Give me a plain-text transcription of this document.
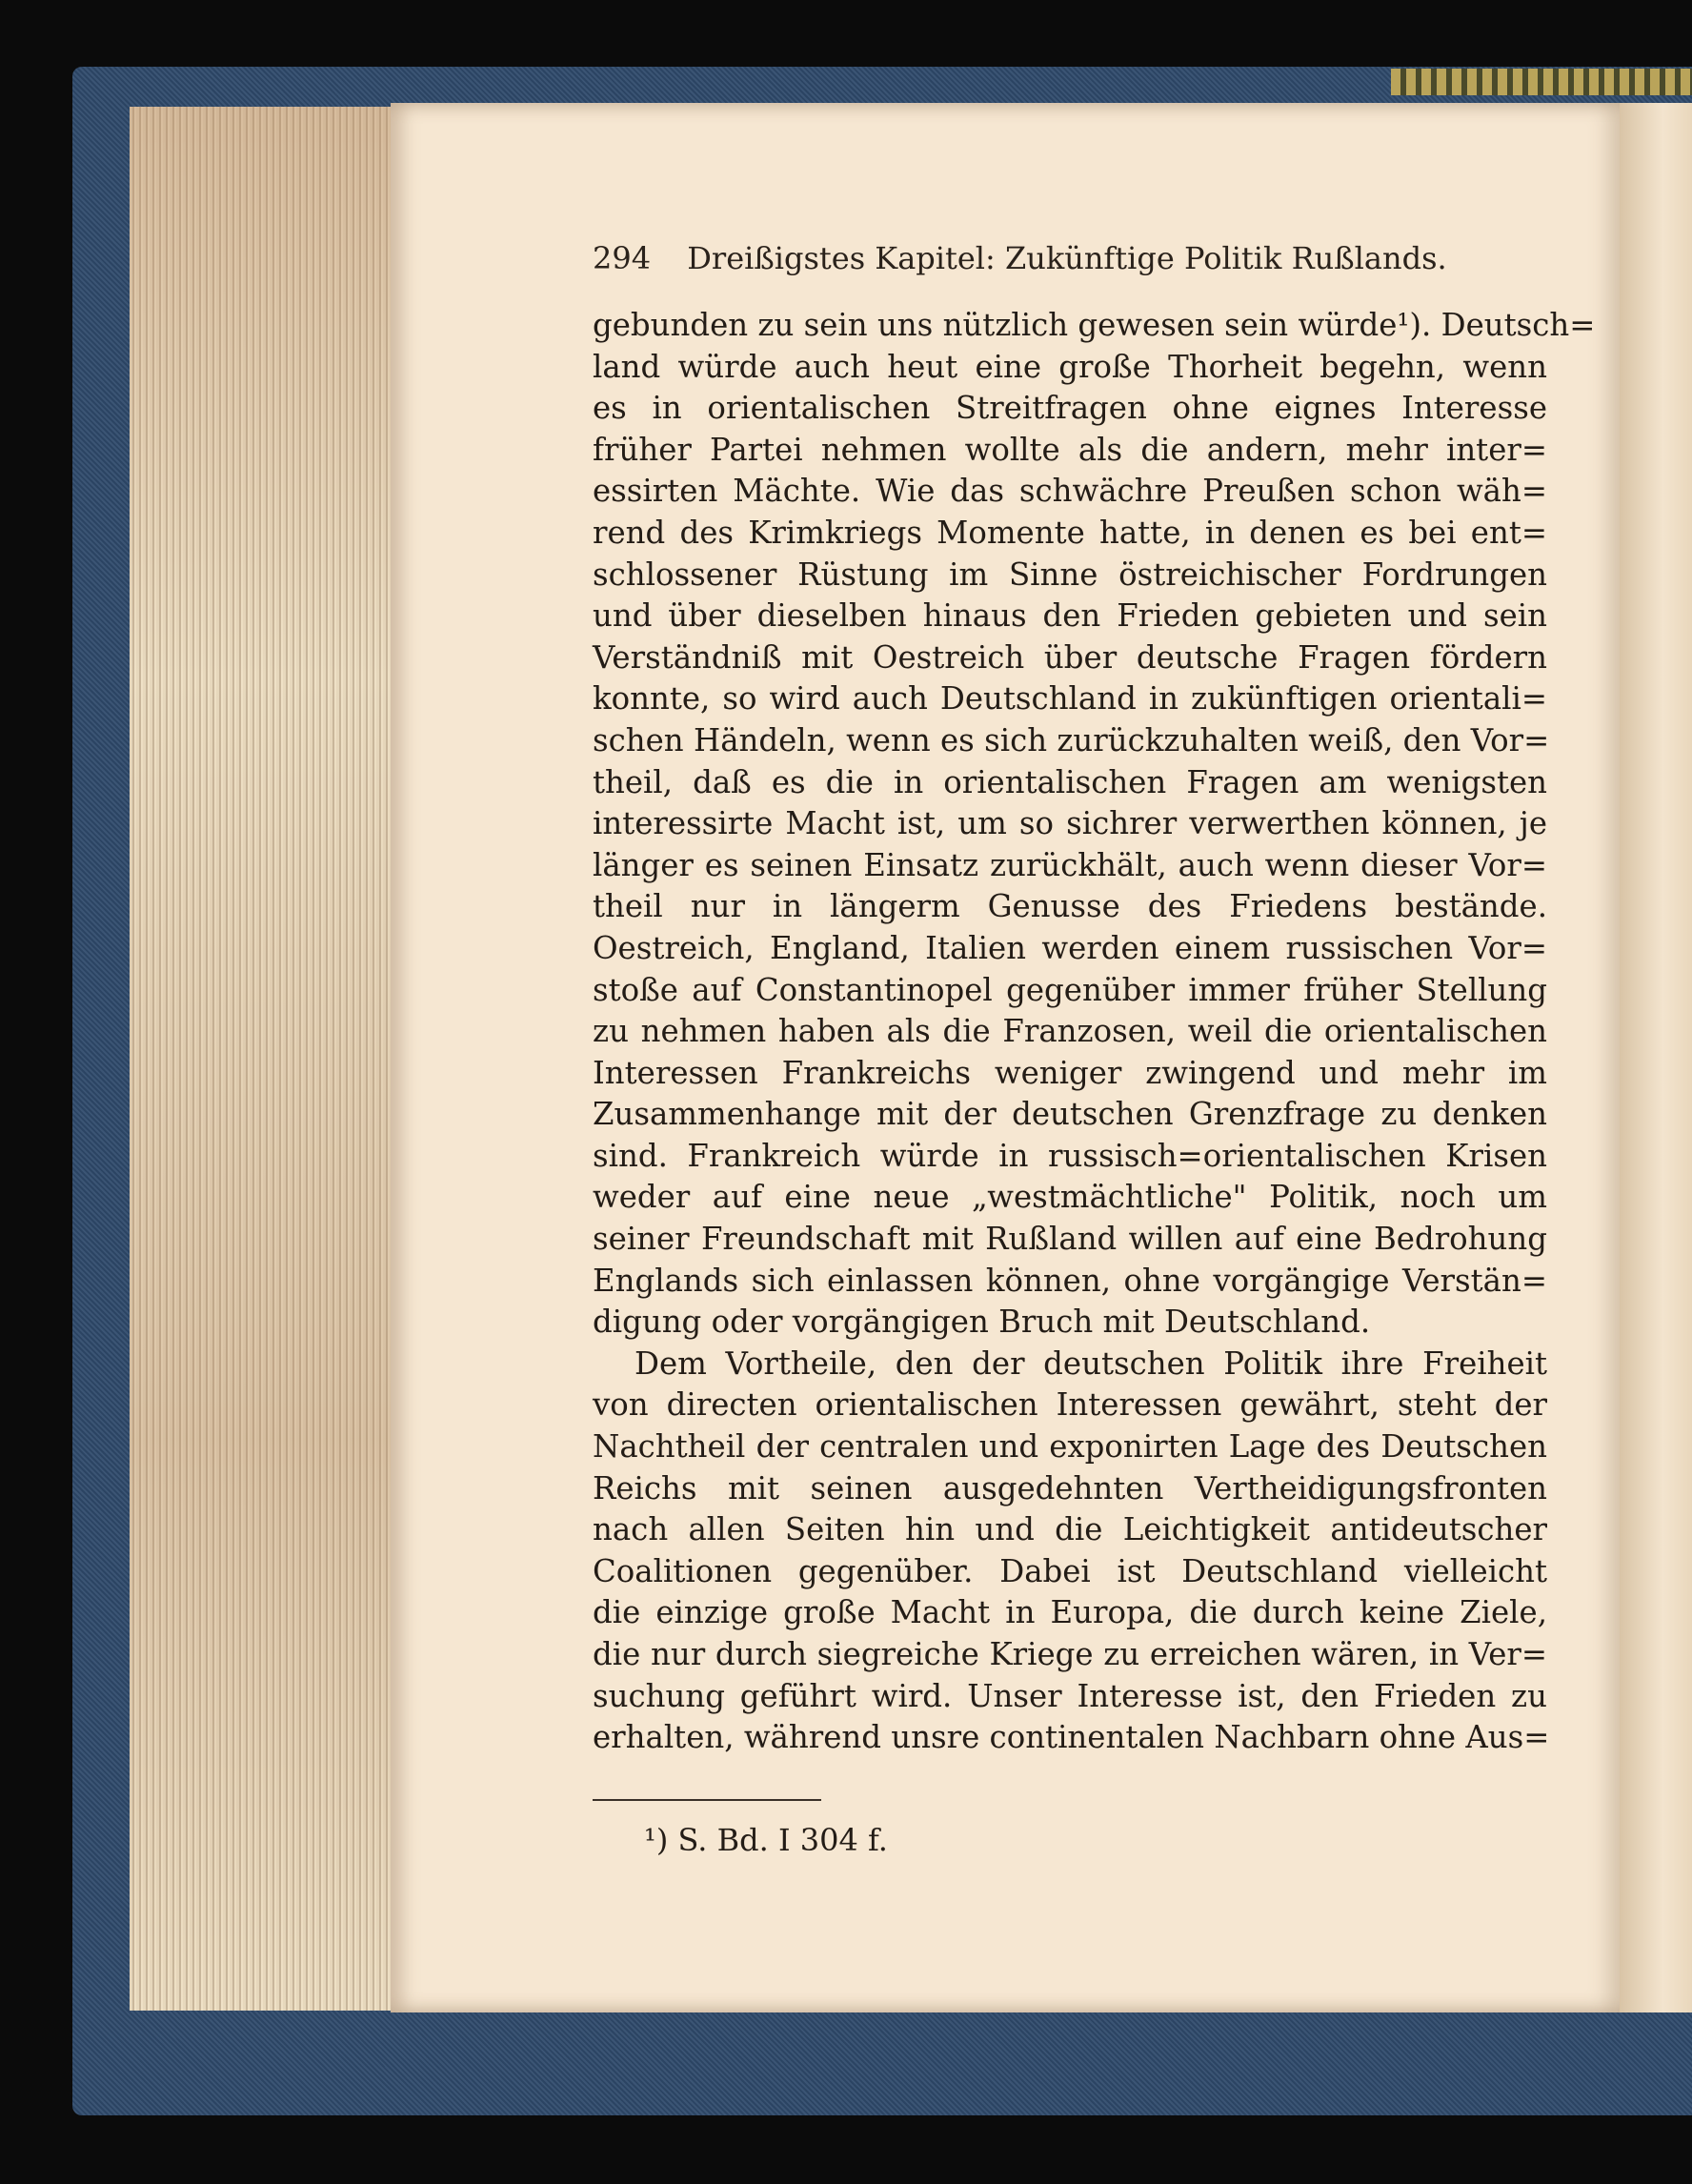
294 Dreißigstes Kapitel: Zukünftige Politik Rußlands.
gebunden zu sein uns nützlich gewesen sein würde¹). Deutsch=
land würde auch heut eine große Thorheit begehn, wenn
es in orientalischen Streitfragen ohne eignes Interesse
früher Partei nehmen wollte als die andern, mehr inter=
essirten Mächte. Wie das schwächre Preußen schon wäh=
rend des Krimkriegs Momente hatte, in denen es bei ent=
schlossener Rüstung im Sinne östreichischer Fordrungen
und über dieselben hinaus den Frieden gebieten und sein
Verständniß mit Oestreich über deutsche Fragen fördern
konnte, so wird auch Deutschland in zukünftigen orientali=
schen Händeln, wenn es sich zurückzuhalten weiß, den Vor=
theil, daß es die in orientalischen Fragen am wenigsten
interessirte Macht ist, um so sichrer verwerthen können, je
länger es seinen Einsatz zurückhält, auch wenn dieser Vor=
theil nur in längerm Genusse des Friedens bestände.
Oestreich, England, Italien werden einem russischen Vor=
stoße auf Constantinopel gegenüber immer früher Stellung
zu nehmen haben als die Franzosen, weil die orientalischen
Interessen Frankreichs weniger zwingend und mehr im
Zusammenhange mit der deutschen Grenzfrage zu denken
sind. Frankreich würde in russisch=orientalischen Krisen
weder auf eine neue „westmächtliche" Politik, noch um
seiner Freundschaft mit Rußland willen auf eine Bedrohung
Englands sich einlassen können, ohne vorgängige Verstän=
digung oder vorgängigen Bruch mit Deutschland.
Dem Vortheile, den der deutschen Politik ihre Freiheit
von directen orientalischen Interessen gewährt, steht der
Nachtheil der centralen und exponirten Lage des Deutschen
Reichs mit seinen ausgedehnten Vertheidigungsfronten
nach allen Seiten hin und die Leichtigkeit antideutscher
Coalitionen gegenüber. Dabei ist Deutschland vielleicht
die einzige große Macht in Europa, die durch keine Ziele,
die nur durch siegreiche Kriege zu erreichen wären, in Ver=
suchung geführt wird. Unser Interesse ist, den Frieden zu
erhalten, während unsre continentalen Nachbarn ohne Aus=
¹) S. Bd. I 304 f.
